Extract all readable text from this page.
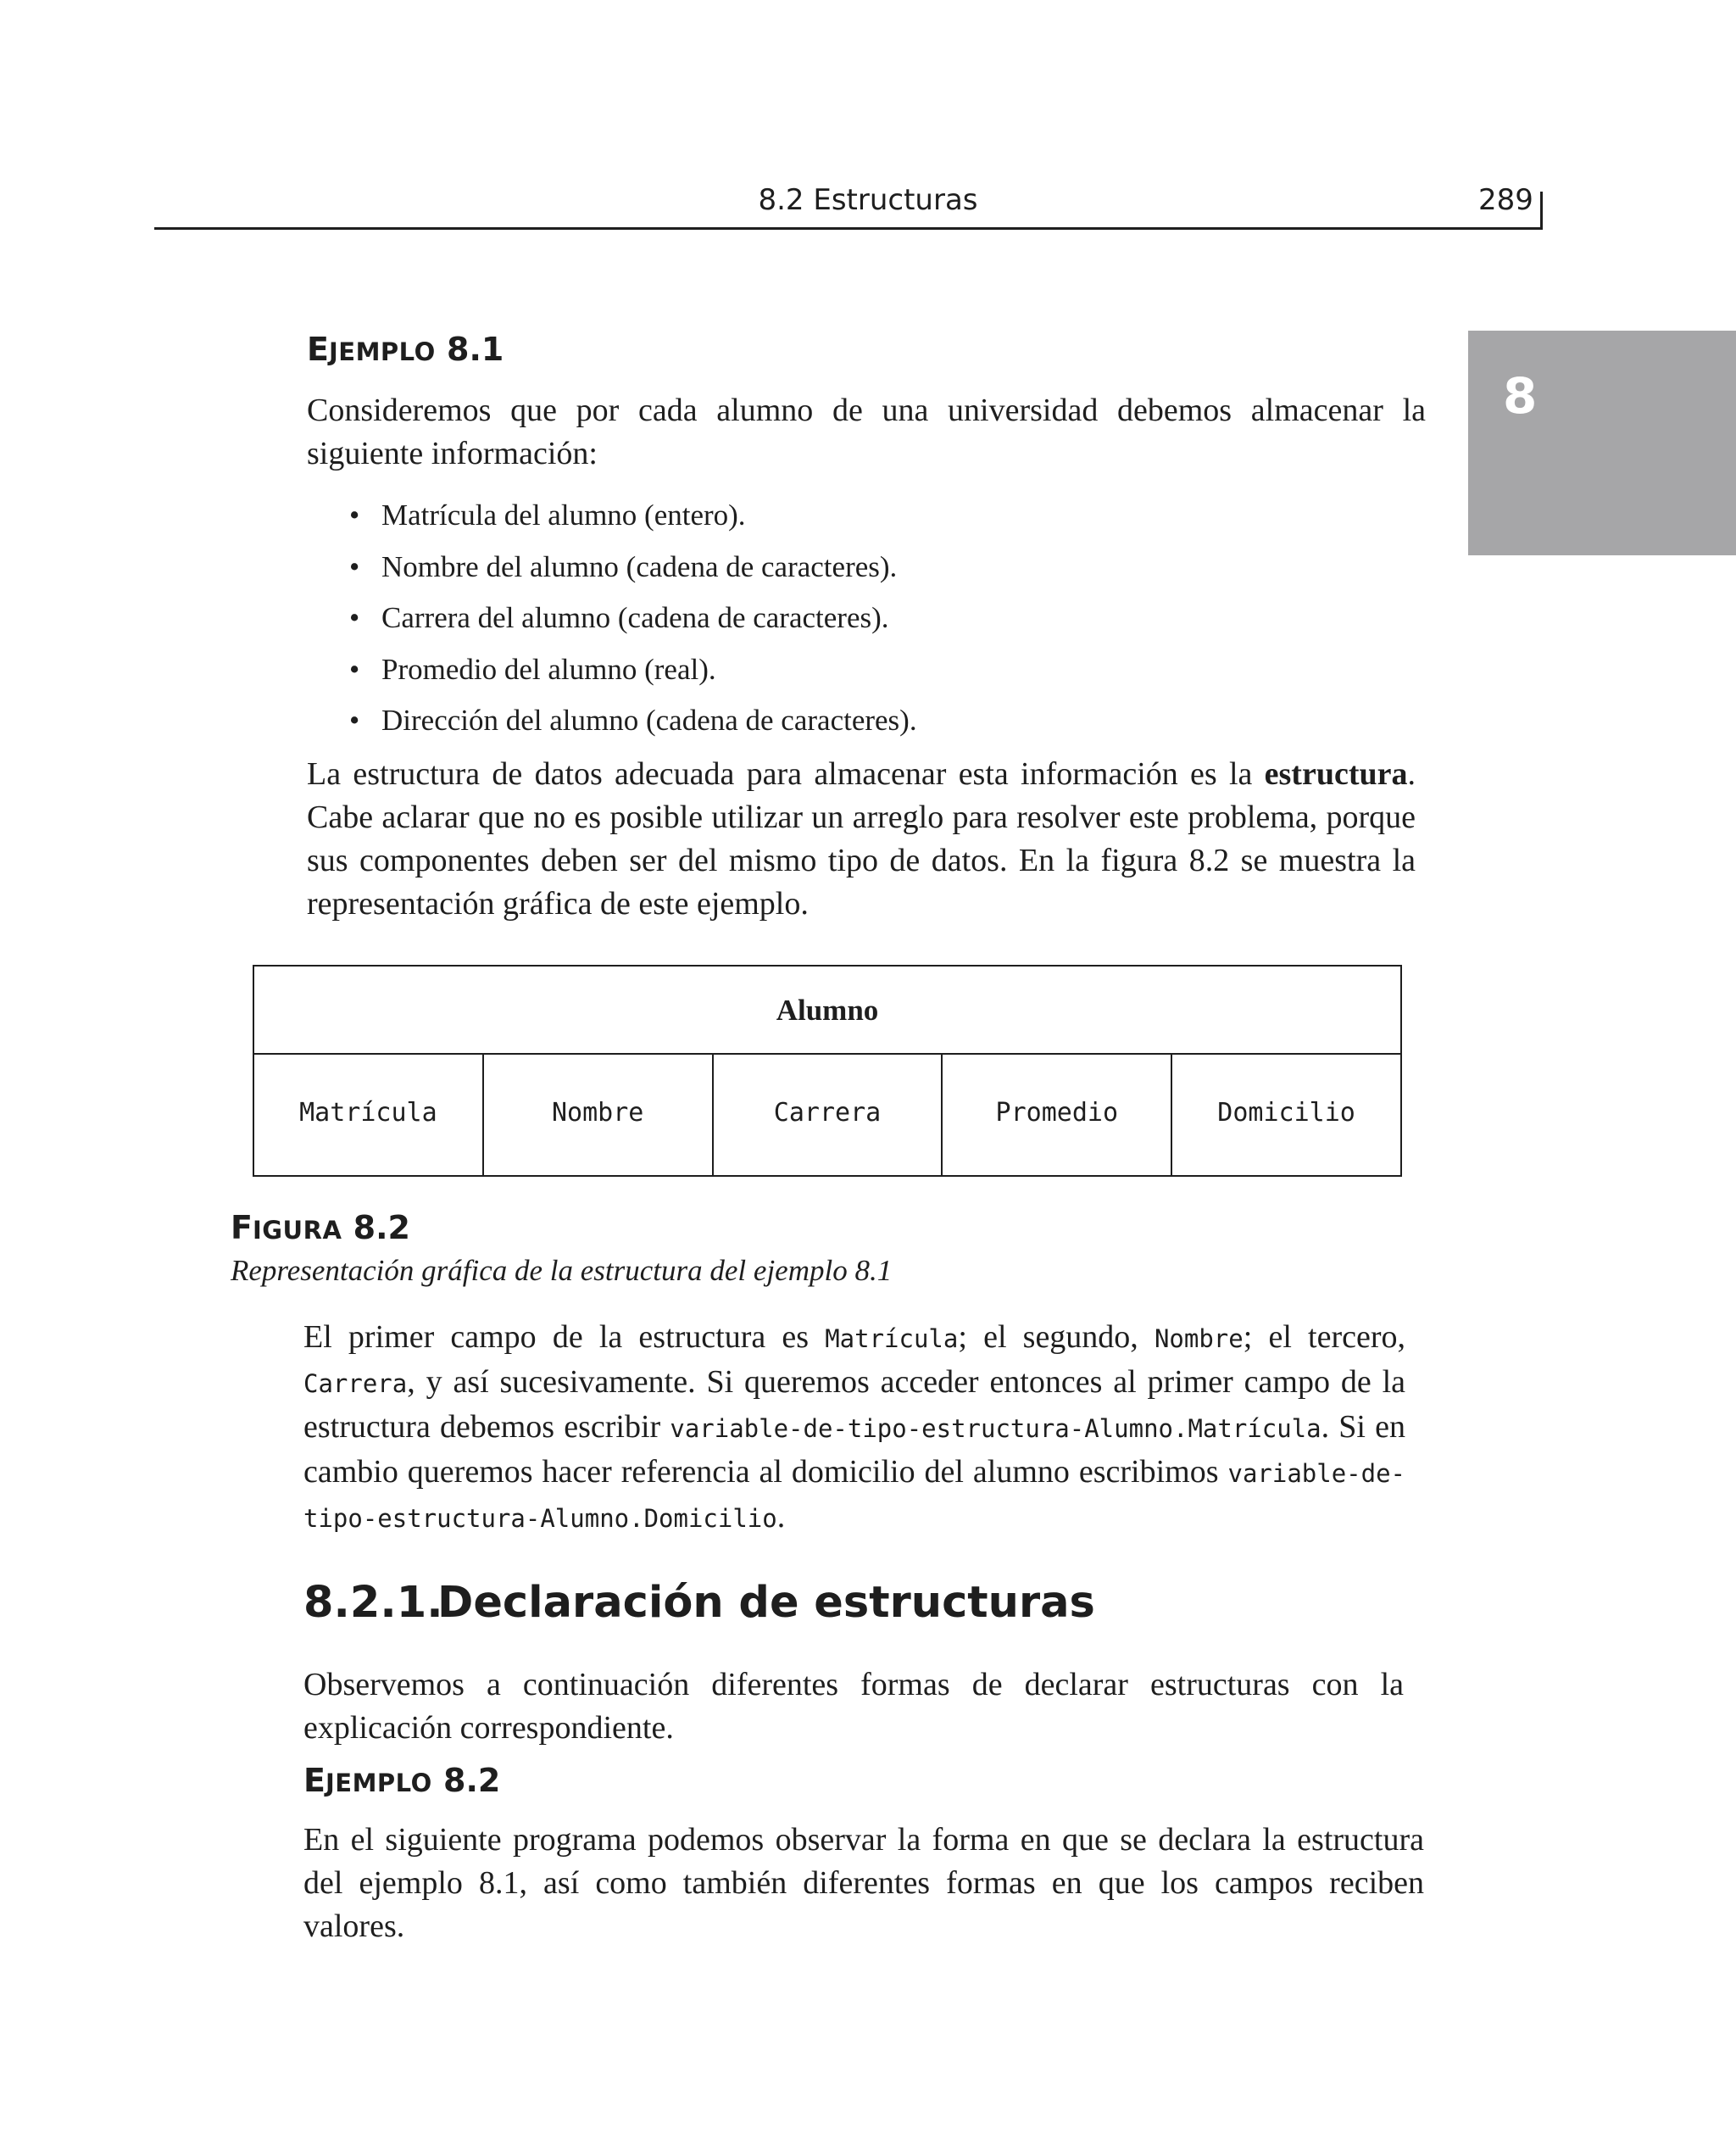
8.2 Estructuras	289
8
EJEMPLO 8.1
Consideremos que por cada alumno de una universidad debemos almacenar la siguiente información:
• Matrícula del alumno (entero).
• Nombre del alumno (cadena de caracteres).
• Carrera del alumno (cadena de caracteres).
• Promedio del alumno (real).
• Dirección del alumno (cadena de caracteres).
La estructura de datos adecuada para almacenar esta información es la estructura. Cabe aclarar que no es posible utilizar un arreglo para resolver este problema, porque sus componentes deben ser del mismo tipo de datos. En la figura 8.2 se muestra la representación gráfica de este ejemplo.
Alumno
Matrícula	Nombre	Carrera	Promedio	Domicilio
FIGURA 8.2
Representación gráfica de la estructura del ejemplo 8.1
El primer campo de la estructura es Matrícula; el segundo, Nombre; el tercero, Carrera, y así sucesivamente. Si queremos acceder entonces al primer campo de la estructura debemos escribir variable-de-tipo-estructura-Alumno.Matrícula. Si en cambio queremos hacer referencia al domicilio del alumno escribimos variable-de-tipo-estructura-Alumno.Domicilio.
8.2.1.Declaración de estructuras
Observemos a continuación diferentes formas de declarar estructuras con la explicación correspondiente.
EJEMPLO 8.2
En el siguiente programa podemos observar la forma en que se declara la estructura del ejemplo 8.1, así como también diferentes formas en que los campos reciben valores.
